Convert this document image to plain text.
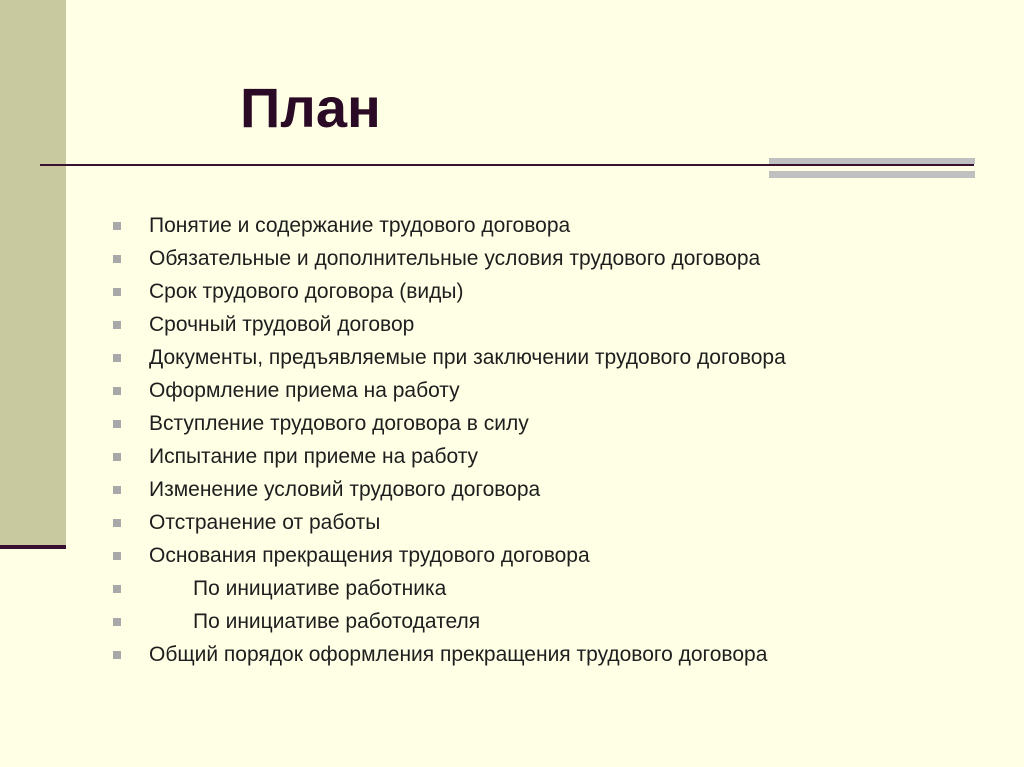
План
Понятие и содержание трудового договора
Обязательные и дополнительные условия трудового договора
Срок трудового договора (виды)
Срочный трудовой договор
Документы, предъявляемые при заключении трудового договора
Оформление приема на работу
Вступление трудового договора в силу
Испытание при приеме на работу
Изменение условий трудового договора
Отстранение от работы
Основания прекращения трудового договора
По инициативе работника
По инициативе работодателя
Общий порядок оформления прекращения трудового договора
